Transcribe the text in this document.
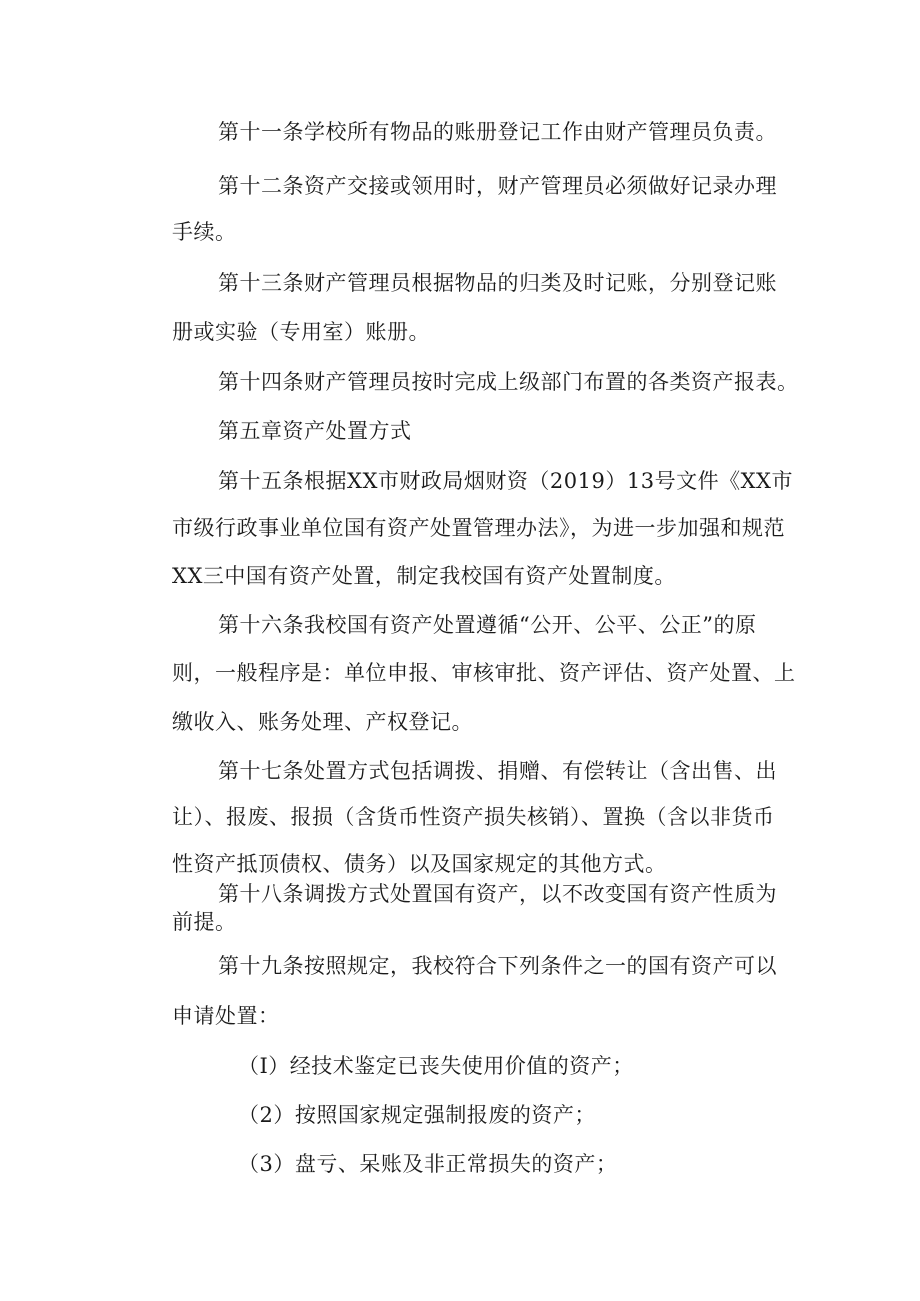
第十一条学校所有物品的账册登记工作由财产管理员负责。
第十二条资产交接或领用时，财产管理员必须做好记录办理
手续。
第十三条财产管理员根据物品的归类及时记账，分别登记账
册或实验（专用室）账册。
第十四条财产管理员按时完成上级部门布置的各类资产报表。
第五章资产处置方式
第十五条根据XX市财政局烟财资（2019）13号文件《XX市
市级行政事业单位国有资产处置管理办法》，为进一步加强和规范
XX三中国有资产处置，制定我校国有资产处置制度。
第十六条我校国有资产处置遵循“公开、公平、公正”的原
则，一般程序是：单位申报、审核审批、资产评估、资产处置、上
缴收入、账务处理、产权登记。
第十七条处置方式包括调拨、捐赠、有偿转让（含出售、出
让）、报废、报损（含货币性资产损失核销）、置换（含以非货币
性资产抵顶债权、债务）以及国家规定的其他方式。
第十八条调拨方式处置国有资产，以不改变国有资产性质为
前提。
第十九条按照规定，我校符合下列条件之一的国有资产可以
申请处置：
（I）经技术鉴定已丧失使用价值的资产；
（2）按照国家规定强制报废的资产；
（3）盘亏、呆账及非正常损失的资产；
